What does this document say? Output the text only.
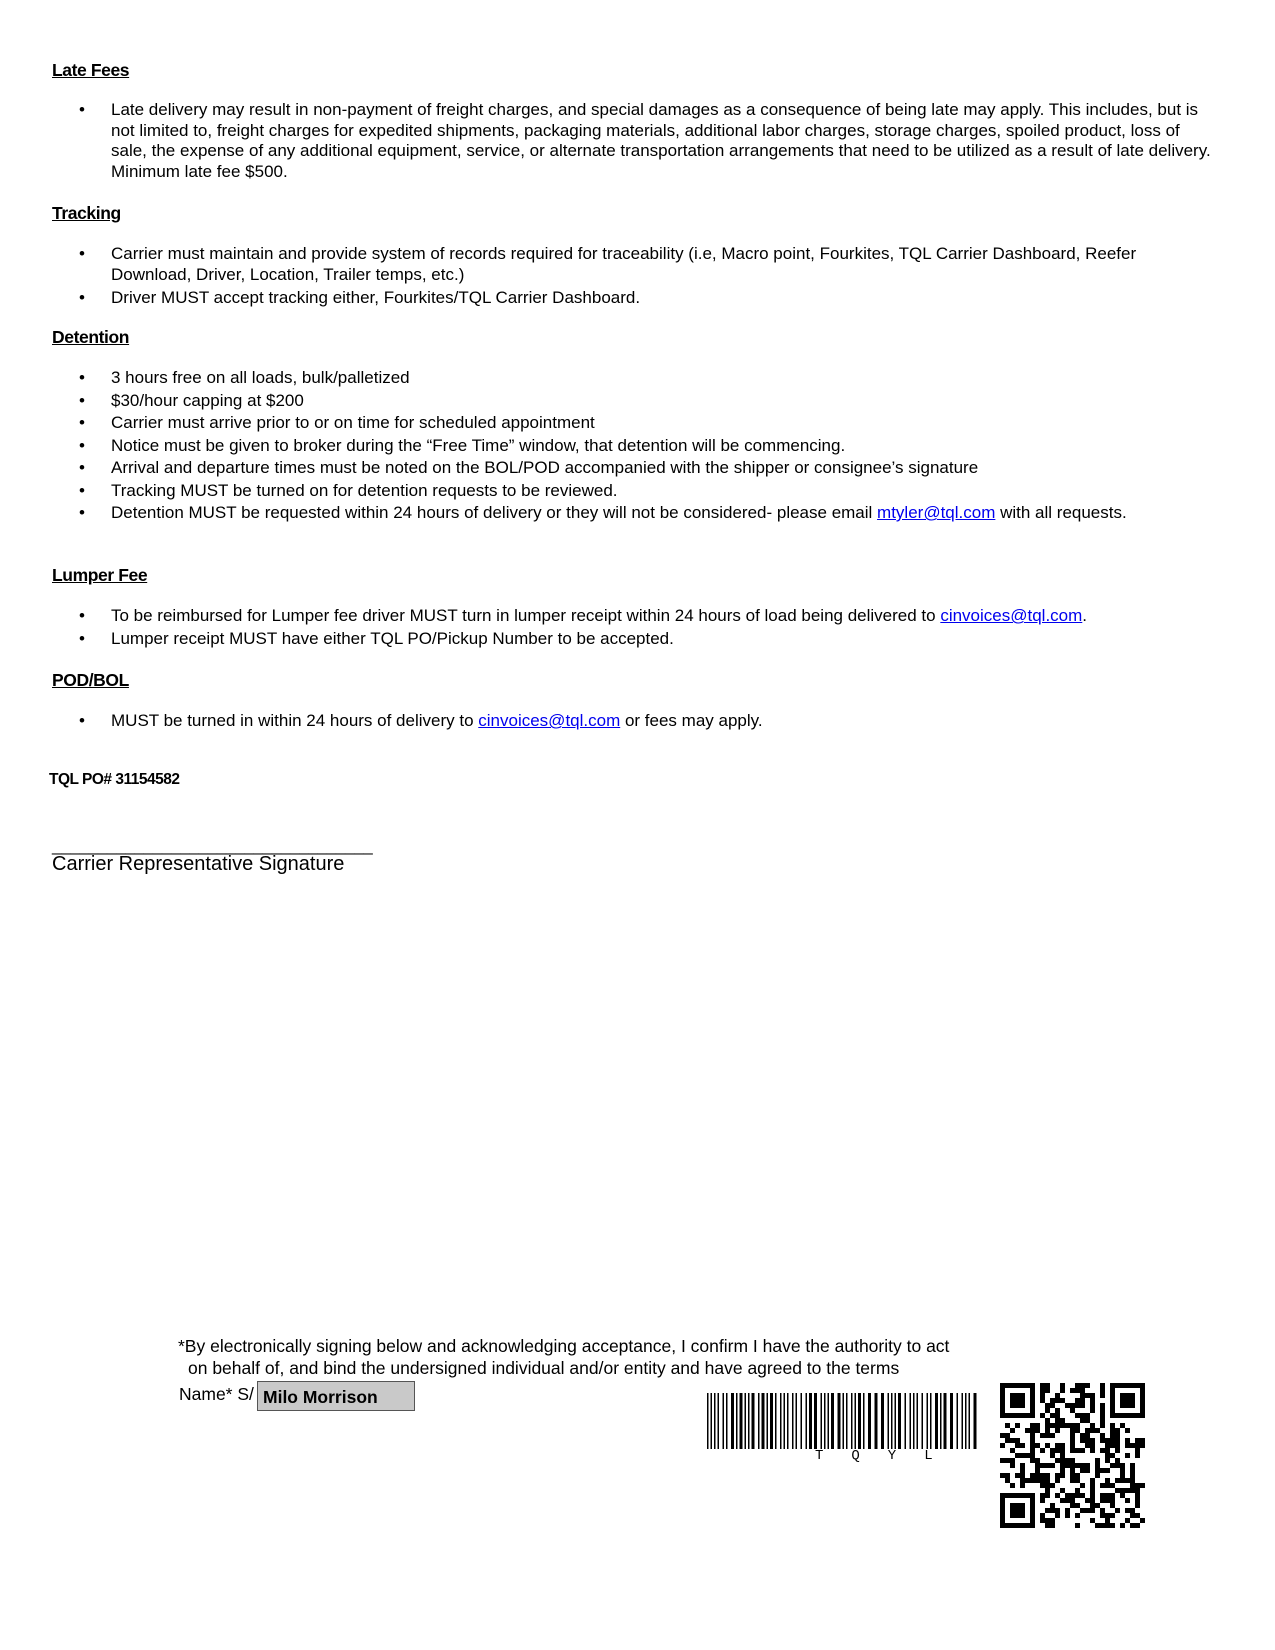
Late Fees

• Late delivery may result in non-payment of freight charges, and special damages as a consequence of being late may apply. This includes, but is not limited to, freight charges for expedited shipments, packaging materials, additional labor charges, storage charges, spoiled product, loss of sale, the expense of any additional equipment, service, or alternate transportation arrangements that need to be utilized as a result of late delivery. Minimum late fee $500.

Tracking

• Carrier must maintain and provide system of records required for traceability (i.e, Macro point, Fourkites, TQL Carrier Dashboard, Reefer Download, Driver, Location, Trailer temps, etc.)
• Driver MUST accept tracking either, Fourkites/TQL Carrier Dashboard.

Detention

• 3 hours free on all loads, bulk/palletized
• $30/hour capping at $200
• Carrier must arrive prior to or on time for scheduled appointment
• Notice must be given to broker during the “Free Time” window, that detention will be commencing.
• Arrival and departure times must be noted on the BOL/POD accompanied with the shipper or consignee’s signature
• Tracking MUST be turned on for detention requests to be reviewed.
• Detention MUST be requested within 24 hours of delivery or they will not be considered- please email mtyler@tql.com with all requests.

Lumper Fee

• To be reimbursed for Lumper fee driver MUST turn in lumper receipt within 24 hours of load being delivered to cinvoices@tql.com.
• Lumper receipt MUST have either TQL PO/Pickup Number to be accepted.

POD/BOL

• MUST be turned in within 24 hours of delivery to cinvoices@tql.com or fees may apply.
TQL PO# 31154582
___________________________________
Carrier Representative Signature
*By electronically signing below and acknowledging acceptance, I confirm I have the authority to act
on behalf of, and bind the undersigned individual and/or entity and have agreed to the terms
Name* S/ Milo Morrison
TQYL
